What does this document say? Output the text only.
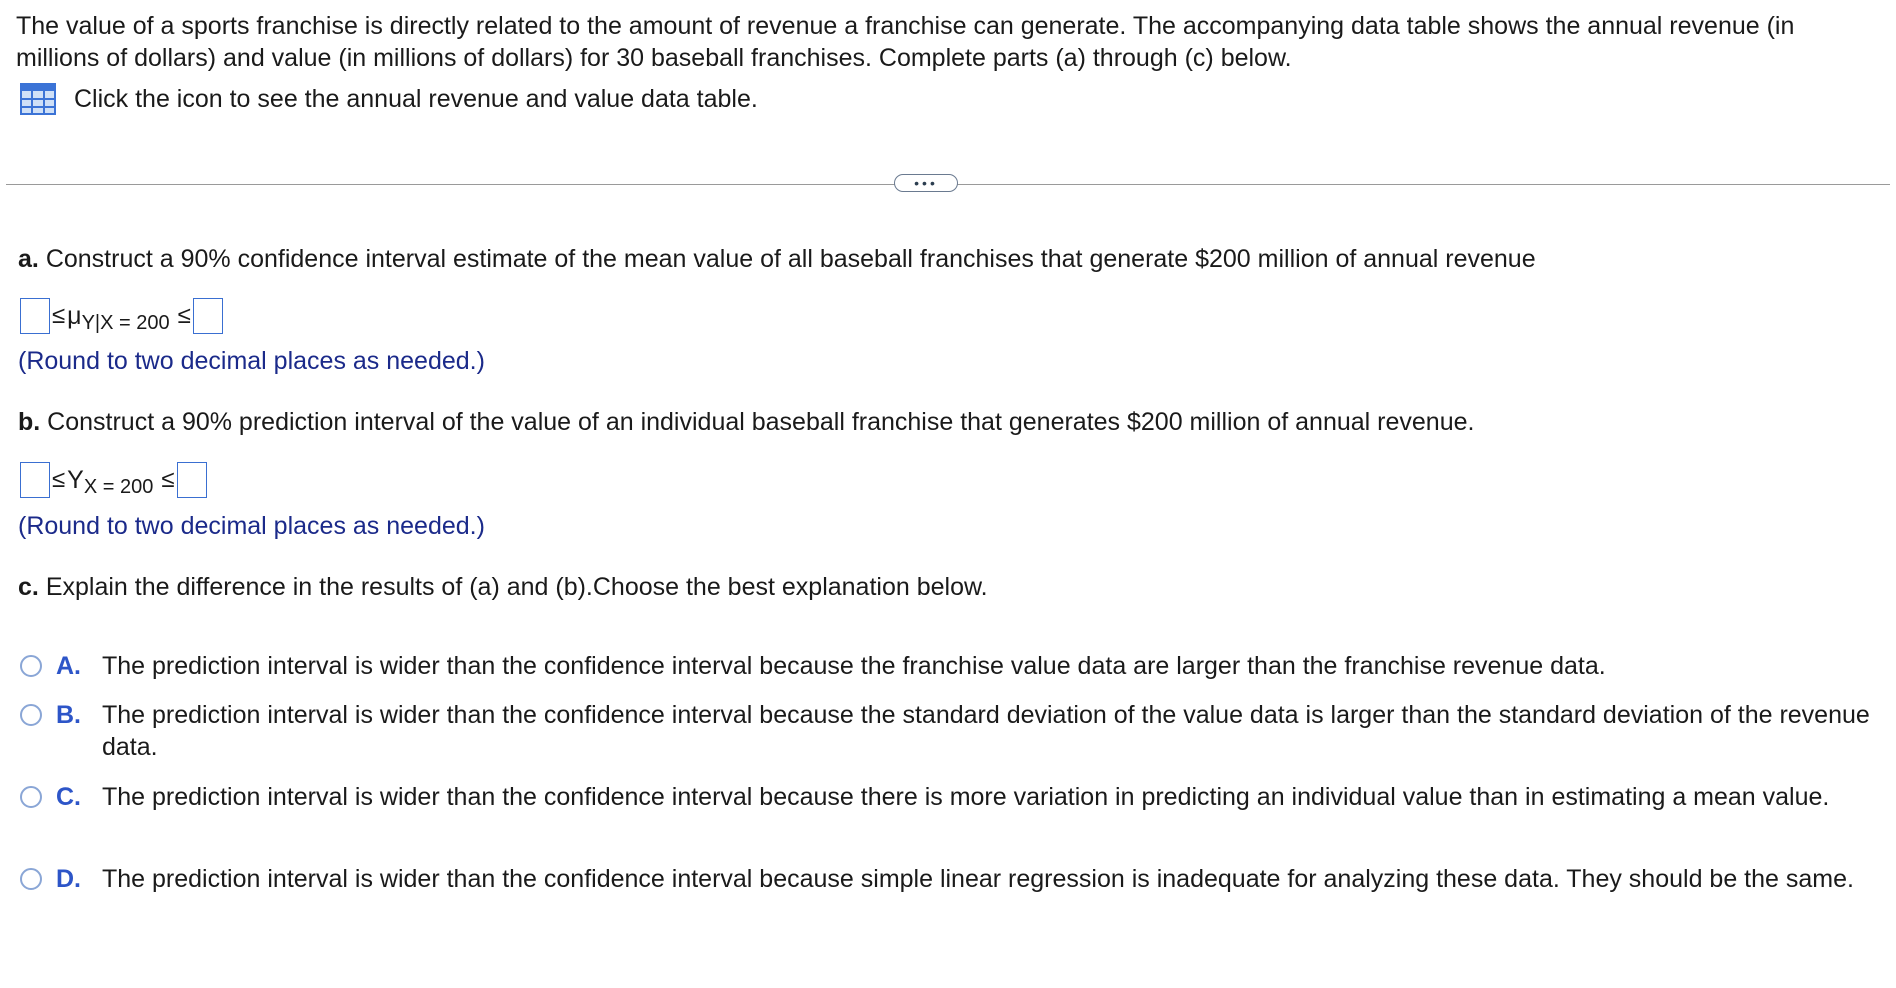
The value of a sports franchise is directly related to the amount of revenue a franchise can generate. The accompanying data table shows the annual revenue (in millions of dollars) and value (in millions of dollars) for 30 baseball franchises. Complete parts (a) through (c) below.
Click the icon to see the annual revenue and value data table.
•••
a. Construct a 90% confidence interval estimate of the mean value of all baseball franchises that generate $200 million of annual revenue
≤ μ Y|X = 200 ≤
(Round to two decimal places as needed.)
b. Construct a 90% prediction interval of the value of an individual baseball franchise that generates $200 million of annual revenue.
≤ Y X = 200 ≤
(Round to two decimal places as needed.)
c. Explain the difference in the results of (a) and (b).Choose the best explanation below.
A. The prediction interval is wider than the confidence interval because the franchise value data are larger than the franchise revenue data.
B. The prediction interval is wider than the confidence interval because the standard deviation of the value data is larger than the standard deviation of the revenue data.
C. The prediction interval is wider than the confidence interval because there is more variation in predicting an individual value than in estimating a mean value.
D. The prediction interval is wider than the confidence interval because simple linear regression is inadequate for analyzing these data. They should be the same.
